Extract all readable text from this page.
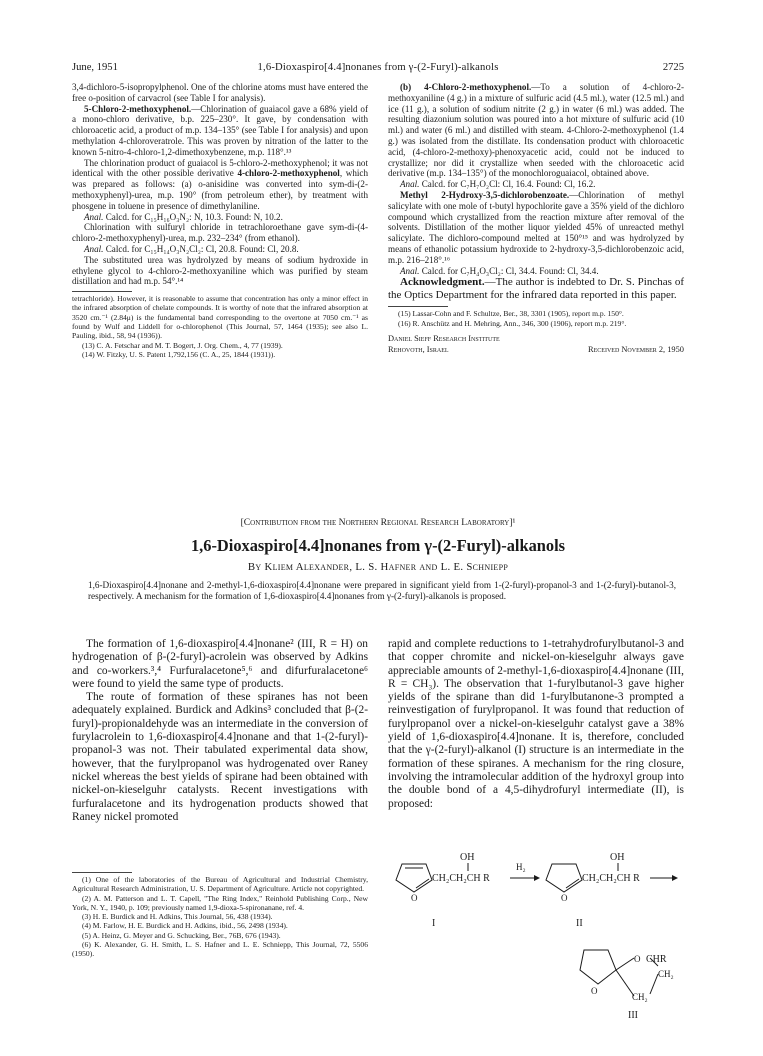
June, 1951	1,6-Dioxaspiro[4.4]nonanes from γ-(2-Furyl)-alkanols	2725

3,4-dichloro-5-isopropylphenol. One of the chlorine atoms must have entered the free o-position of carvacrol (see Table I for analysis).

5-Chloro-2-methoxyphenol.—Chlorination of guaiacol gave a 68% yield of a mono-chloro derivative, b.p. 225–230°. It gave, by condensation with chloroacetic acid, a product of m.p. 134–135° (see Table I for analysis) and upon methylation 4-chloroveratrole. This was proven by nitration of the latter to the known 5-nitro-4-chloro-1,2-dimethoxybenzene, m.p. 118°.¹³

The chlorination product of guaiacol is 5-chloro-2-methoxyphenol; it was not identical with the other possible derivative 4-chloro-2-methoxyphenol, which was prepared as follows: (a) o-anisidine was converted into sym-di-(2-methoxyphenyl)-urea, m.p. 190° (from petroleum ether), by treatment with phosgene in toluene in presence of dimethylaniline.

Anal. Calcd. for C₁₅H₁₆O₃N₂: N, 10.3. Found: N, 10.2.

Chlorination with sulfuryl chloride in tetrachloroethane gave sym-di-(4-chloro-2-methoxyphenyl)-urea, m.p. 232–234° (from ethanol).

Anal. Calcd. for C₁₅H₁₄O₃N₂Cl₂: Cl, 20.8. Found: Cl, 20.8.

The substituted urea was hydrolyzed by means of sodium hydroxide in ethylene glycol to 4-chloro-2-methoxyaniline which was purified by steam distillation and had m.p. 54°.¹⁴

tetrachloride). However, it is reasonable to assume that concentration has only a minor effect in the infrared absorption of chelate compounds. It is worthy of note that the infrared absorption at 3520 cm.⁻¹ (2.84μ) is the fundamental band corresponding to the overtone at 7050 cm.⁻¹ as found by Wulf and Liddell for o-chlorophenol (This Journal, 57, 1464 (1935); see also L. Pauling, ibid., 58, 94 (1936)).

(13) C. A. Fetschar and M. T. Bogert, J. Org. Chem., 4, 77 (1939).

(14) W. Fitzky, U. S. Patent 1,792,156 (C. A., 25, 1844 (1931)).

(b) 4-Chloro-2-methoxyphenol.—To a solution of 4-chloro-2-methoxyaniline (4 g.) in a mixture of sulfuric acid (4.5 ml.), water (12.5 ml.) and ice (11 g.), a solution of sodium nitrite (2 g.) in water (6 ml.) was added. The resulting diazonium solution was poured into a hot mixture of sulfuric acid (10 ml.) and water (6 ml.) and distilled with steam. 4-Chloro-2-methoxyphenol (1.4 g.) was isolated from the distillate. Its condensation product with chloroacetic acid, (4-chloro-2-methoxy)-phenoxyacetic acid, could not be induced to crystallize; nor did it crystallize when seeded with the chloroacetic acid derivative (m.p. 134–135°) of the monochloroguaiacol, obtained above.

Anal. Calcd. for C₇H₇O₂Cl: Cl, 16.4. Found: Cl, 16.2.

Methyl 2-Hydroxy-3,5-dichlorobenzoate.—Chlorination of methyl salicylate with one mole of t-butyl hypochlorite gave a 35% yield of the dichloro compound which crystallized from the reaction mixture after removal of the solvents. Distillation of the mother liquor yielded 45% of unreacted methyl salicylate. The dichloro-compound melted at 150°¹⁵ and was hydrolyzed by means of ethanolic potassium hydroxide to 2-hydroxy-3,5-dichlorobenzoic acid, m.p. 216–218°.¹⁶

Anal. Calcd. for C₇H₄O₃Cl₂: Cl, 34.4. Found: Cl, 34.4.

Acknowledgment.—The author is indebted to Dr. S. Pinchas of the Optics Department for the infrared data reported in this paper.

(15) Lassar-Cohn and F. Schultze, Ber., 38, 3301 (1905), report m.p. 150°.

(16) R. Anschütz and H. Mehring, Ann., 346, 300 (1906), report m.p. 219°.

Daniel Sieff Research Institute
Rehovoth, Israel	Received November 2, 1950
[Contribution from the Northern Regional Research Laboratory]¹
1,6-Dioxaspiro[4.4]nonanes from γ-(2-Furyl)-alkanols
By Kliem Alexander, L. S. Hafner and L. E. Schniepp
1,6-Dioxaspiro[4.4]nonane and 2-methyl-1,6-dioxaspiro[4.4]nonane were prepared in significant yield from 1-(2-furyl)-propanol-3 and 1-(2-furyl)-butanol-3, respectively. A mechanism for the formation of 1,6-dioxaspiro[4.4]nonanes from γ-(2-furyl)-alkanols is proposed.

The formation of 1,6-dioxaspiro[4.4]nonane² (III, R = H) on hydrogenation of β-(2-furyl)-acrolein was observed by Adkins and co-workers.³,⁴ Furfuralacetone⁵,⁶ and difurfuralacetone⁶ were found to yield the same type of products.

The route of formation of these spiranes has not been adequately explained. Burdick and Adkins³ concluded that β-(2-furyl)-propionaldehyde was an intermediate in the conversion of furylacrolein to 1,6-dioxaspiro[4.4]nonane and that 1-(2-furyl)-propanol-3 was not. Their tabulated experimental data show, however, that the furylpropanol was hydrogenated over Raney nickel whereas the best yields of spirane had been obtained with nickel-on-kieselguhr catalysts. Recent investigations with furfuralacetone and its hydrogenation products showed that Raney nickel promoted

rapid and complete reductions to 1-tetrahydrofurylbutanol-3 and that copper chromite and nickel-on-kieselguhr always gave appreciable amounts of 2-methyl-1,6-dioxaspiro[4.4]nonane (III, R = CH₃). The observation that 1-furylbutanol-3 gave higher yields of the spirane than did 1-furylbutanone-3 prompted a reinvestigation of furylpropanol. It was found that reduction of furylpropanol over a nickel-on-kieselguhr catalyst gave a 38% yield of 1,6-dioxaspiro[4.4]nonane. It is, therefore, concluded that the γ-(2-furyl)-alkanol (I) structure is an intermediate in the formation of these spiranes. A mechanism for the ring closure, involving the intramolecular addition of the hydroxyl group into the double bond of a 4,5-dihydrofuryl intermediate (II), is proposed:

(1) One of the laboratories of the Bureau of Agricultural and Industrial Chemistry, Agricultural Research Administration, U. S. Department of Agriculture. Article not copyrighted.

(2) A. M. Patterson and L. T. Capell, "The Ring Index," Reinhold Publishing Corp., New York, N. Y., 1940, p. 109; previously named 1,9-dioxa-5-spironanane, ref. 4.

(3) H. E. Burdick and H. Adkins, This Journal, 56, 438 (1934).

(4) M. Farlow, H. E. Burdick and H. Adkins, ibid., 56, 2498 (1934).

(5) A. Heinz, G. Meyer and G. Schucking, Ber., 76B, 676 (1943).

(6) K. Alexander, G. H. Smith, L. S. Hafner and L. E. Schniepp, This Journal, 72, 5506 (1950).

O
CH₂CH₂CH R
OH
H₂
O
CH₂CH₂CH R
OH
I	II
O
O CHR
CH₂
CH₂
III
